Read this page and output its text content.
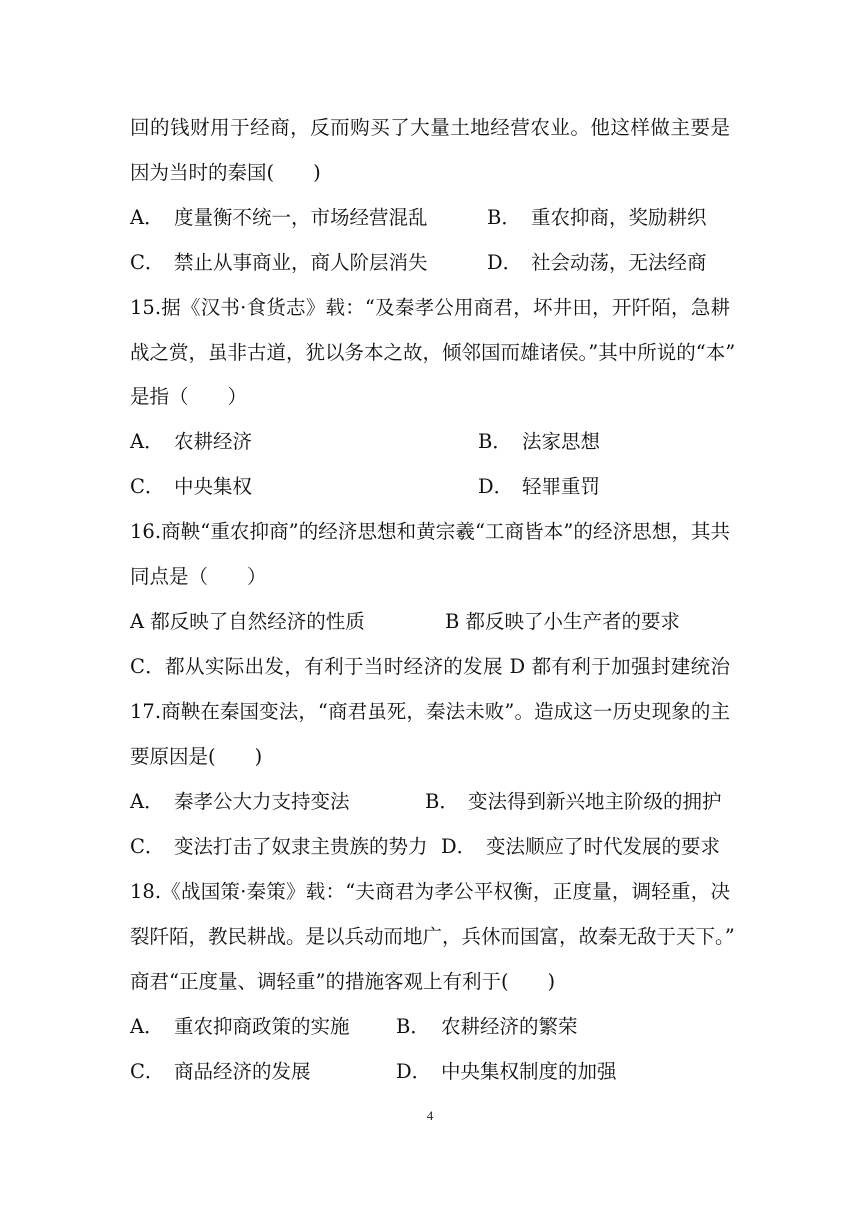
回的钱财用于经商，反而购买了大量土地经营农业。他这样做主要是
因为当时的秦国(　　)
A． 度量衡不统一，市场经营混乱	B． 重农抑商，奖励耕织
C． 禁止从事商业，商人阶层消失	D． 社会动荡，无法经商
15.据《汉书·食货志》载：“及秦孝公用商君，坏井田，开阡陌，急耕
战之赏，虽非古道，犹以务本之故，倾邻国而雄诸侯。”其中所说的“本”
是指（　　）
A． 农耕经济	B． 法家思想
C． 中央集权	D． 轻罪重罚
16.商鞅“重农抑商”的经济思想和黄宗羲“工商皆本”的经济思想，其共
同点是（　　）
A 都反映了自然经济的性质	B 都反映了小生产者的要求
C．都从实际出发，有利于当时经济的发展 D 都有利于加强封建统治
17.商鞅在秦国变法，“商君虽死，秦法未败”。造成这一历史现象的主
要原因是(　　)
A． 秦孝公大力支持变法	B． 变法得到新兴地主阶级的拥护
C． 变法打击了奴隶主贵族的势力 D． 变法顺应了时代发展的要求
18.《战国策·秦策》载：“夫商君为孝公平权衡，正度量，调轻重，决
裂阡陌，教民耕战。是以兵动而地广，兵休而国富，故秦无敌于天下。”
商君“正度量、调轻重”的措施客观上有利于(　　)
A． 重农抑商政策的实施 B． 农耕经济的繁荣
C． 商品经济的发展	D． 中央集权制度的加强
4
